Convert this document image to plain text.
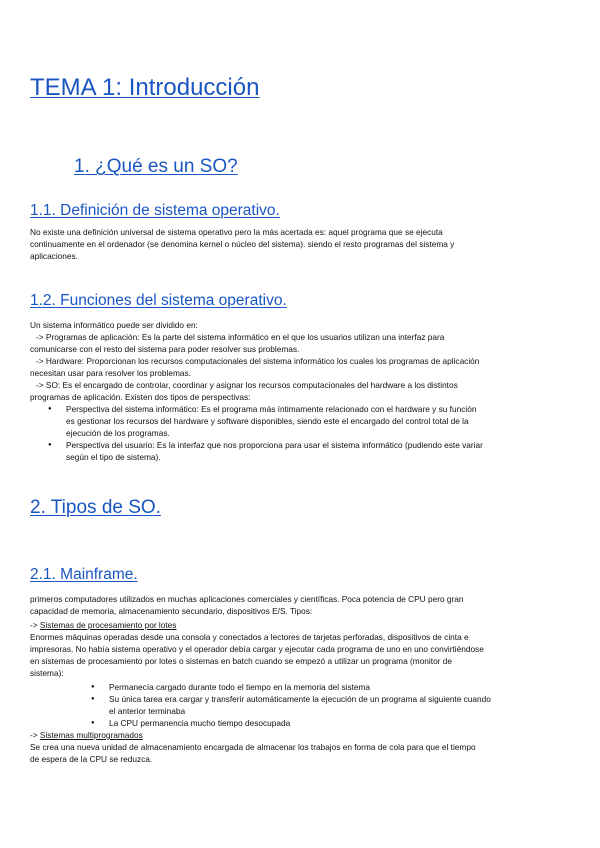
TEMA 1: Introducción
1. ¿Qué es un SO?
1.1. Definición de sistema operativo.
No existe una definición universal de sistema operativo pero la más acertada es: aquel programa que se ejecuta
continuamente en el ordenador (se denomina kernel o núcleo del sistema). siendo el resto programas del sistema y
aplicaciones.
1.2. Funciones del sistema operativo.
Un sistema informático puede ser dividido en:
-> Programas de aplicación: Es la parte del sistema informático en el que los usuarios utilizan una interfaz para
comunicarse con el resto del sistema para poder resolver sus problemas.
-> Hardware: Proporcionan los recursos computacionales del sistema informático los cuales los programas de aplicación
necesitan usar para resolver los problemas.
-> SO: Es el encargado de controlar, coordinar y asignar los recursos computacionales del hardware a los distintos
programas de aplicación. Existen dos tipos de perspectivas:
● Perspectiva del sistema informático: Es el programa más íntimamente relacionado con el hardware y su función
es gestionar los recursos del hardware y software disponibles, siendo este el encargado del control total de la
ejecución de los programas.
● Perspectiva del usuario: Es la interfaz que nos proporciona para usar el sistema informático (pudiendo este variar
según el tipo de sistema).
2. Tipos de SO.
2.1. Mainframe.
primeros computadores utilizados en muchas aplicaciones comerciales y científicas. Poca potencia de CPU pero gran
capacidad de memoria, almacenamiento secundario, dispositivos E/S. Tipos:
-> Sistemas de procesamiento por lotes
Enormes máquinas operadas desde una consola y conectados a lectores de tarjetas perforadas, dispositivos de cinta e
impresoras. No había sistema operativo y el operador debía cargar y ejecutar cada programa de uno en uno convirtiéndose
en sistemas de procesamiento por lotes o sistemas en batch cuando se empezó a utilizar un programa (monitor de
sistema):
● Permanecía cargado durante todo el tiempo en la memoria del sistema
● Su única tarea era cargar y transferir automáticamente la ejecución de un programa al siguiente cuando
el anterior terminaba
● La CPU permanencia mucho tiempo desocupada
-> Sistemas multiprogramados
Se crea una nueva unidad de almacenamiento encargada de almacenar los trabajos en forma de cola para que el tiempo
de espera de la CPU se reduzca.
